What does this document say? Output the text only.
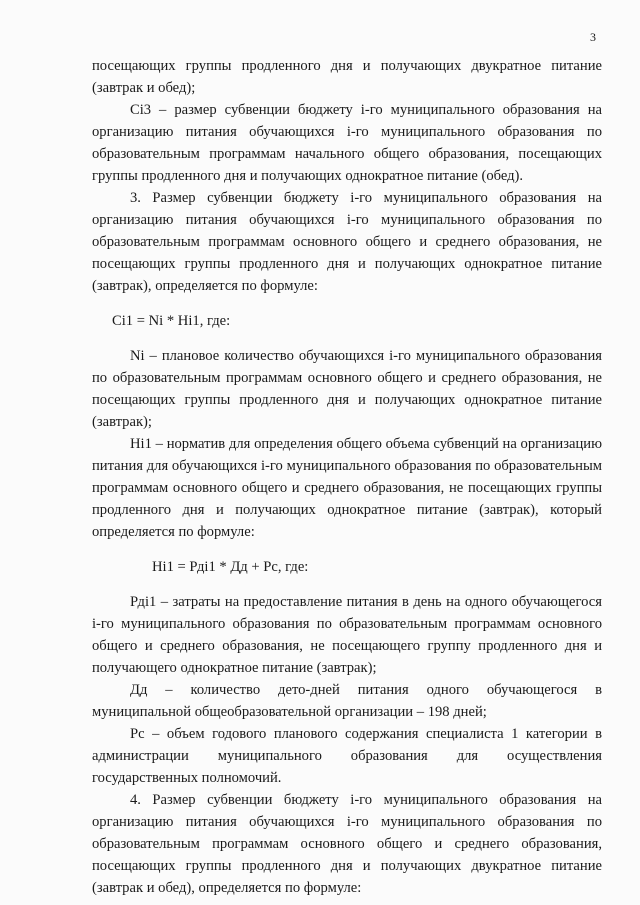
3

посещающих группы продленного дня и получающих двукратное питание (завтрак и обед);

Сi3 – размер субвенции бюджету i-го муниципального образования на организацию питания обучающихся i-го муниципального образования по образовательным программам начального общего образования, посещающих группы продленного дня и получающих однократное питание (обед).

3. Размер субвенции бюджету i-го муниципального образования на организацию питания обучающихся i-го муниципального образования по образовательным программам основного общего и среднего образования, не посещающих группы продленного дня и получающих однократное питание (завтрак), определяется по формуле:

Сi1 = Ni * Нi1, где:

Ni – плановое количество обучающихся i-го муниципального образования по образовательным программам основного общего и среднего образования, не посещающих группы продленного дня и получающих однократное питание (завтрак);

Нi1 – норматив для определения общего объема субвенций на организацию питания для обучающихся i-го муниципального образования по образовательным программам основного общего и среднего образования, не посещающих группы продленного дня и получающих однократное питание (завтрак), который определяется по формуле:

Нi1 = Рдi1 * Дд + Рс, где:

Рдi1 – затраты на предоставление питания в день на одного обучающегося i-го муниципального образования по образовательным программам основного общего и среднего образования, не посещающего группу продленного дня и получающего однократное питание (завтрак);

Дд – количество дето-дней питания одного обучающегося в муниципальной общеобразовательной организации – 198 дней;

Рс – объем годового планового содержания специалиста 1 категории в администрации муниципального образования для осуществления государственных полномочий.

4. Размер субвенции бюджету i-го муниципального образования на организацию питания обучающихся i-го муниципального образования по образовательным программам основного общего и среднего образования, посещающих группы продленного дня и получающих двукратное питание (завтрак и обед), определяется по формуле:
